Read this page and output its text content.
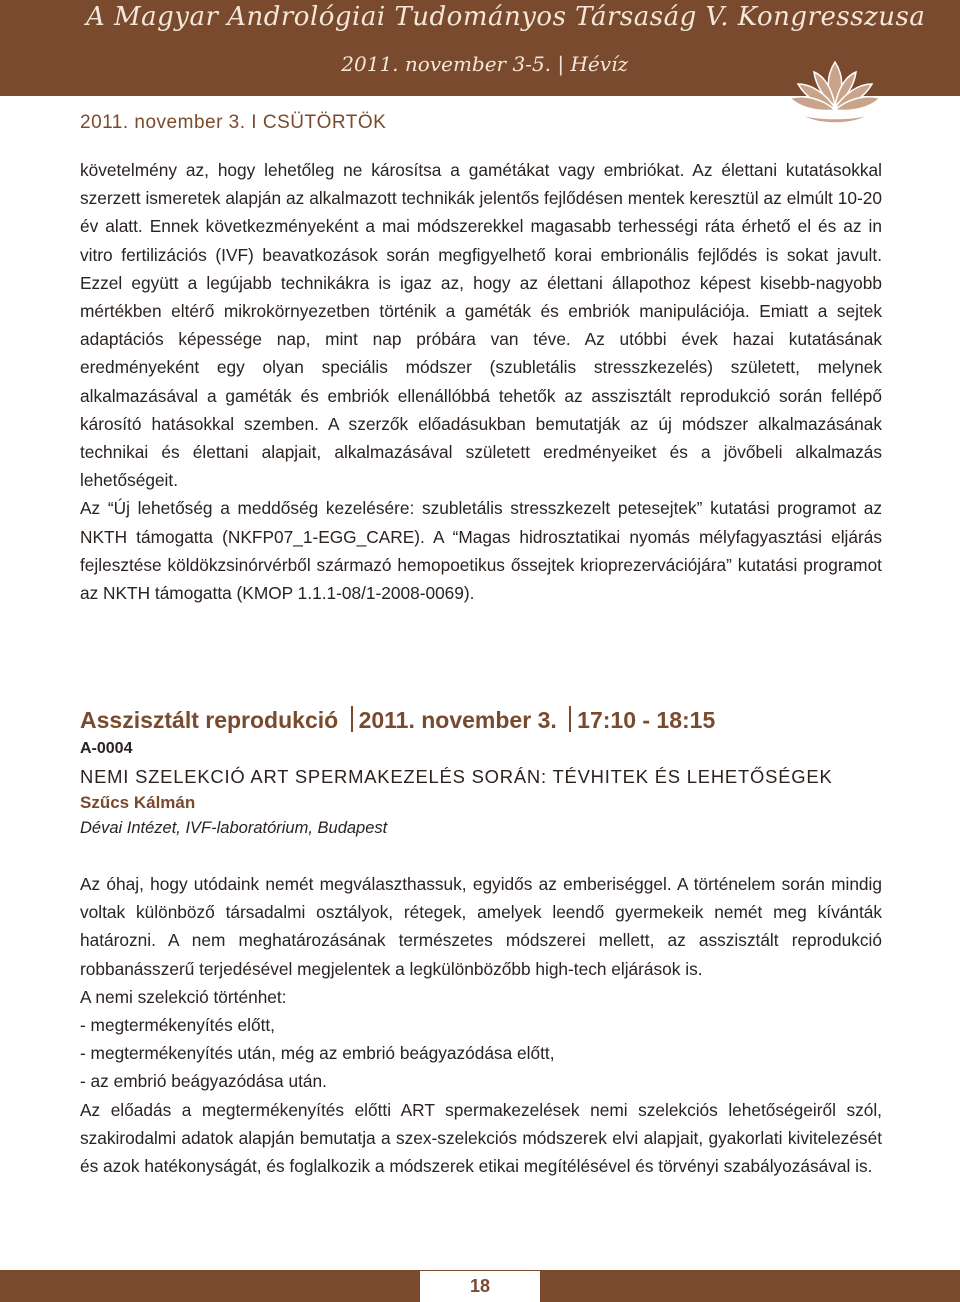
A Magyar Andrológiai Tudományos Társaság V. Kongresszusa
2011. november 3-5. | Hévíz
2011. november 3. I CSÜTÖRTÖK

követelmény az, hogy lehetőleg ne károsítsa a gamétákat vagy embriókat. Az élettani kutatásokkal szerzett ismeretek alapján az alkalmazott technikák jelentős fejlődésen mentek keresztül az elmúlt 10-20 év alatt. Ennek következményeként a mai módszerekkel magasabb terhességi ráta érhető el és az in vitro fertilizációs (IVF) beavatkozások során megfigyelhető korai embrionális fejlődés is sokat javult. Ezzel együtt a legújabb technikákra is igaz az, hogy az élettani állapothoz képest kisebb-nagyobb mértékben eltérő mikrokörnyezetben történik a gaméták és embriók manipulációja. Emiatt a sejtek adaptációs képessége nap, mint nap próbára van téve. Az utóbbi évek hazai kutatásának eredményeként egy olyan speciális módszer (szubletális stresszkezelés) született, melynek alkalmazásával a gaméták és embriók ellenállóbbá tehetők az asszisztált reprodukció során fellépő károsító hatásokkal szemben. A szerzők előadásukban bemutatják az új módszer alkalmazásának technikai és élettani alapjait, alkalmazásával született eredményeiket és a jövőbeli alkalmazás lehetőségeit.

Az “Új lehetőség a meddőség kezelésére: szubletális stresszkezelt petesejtek” kutatási programot az NKTH támogatta (NKFP07_1-EGG_CARE). A “Magas hidrosztatikai nyomás mélyfagyasztási eljárás fejlesztése köldökzsinórvérből származó hemopoetikus őssejtek krioprezervációjára” kutatási programot az NKTH támogatta (KMOP 1.1.1-08/1-2008-0069).

Asszisztált reprodukció 2011. november 3. 17:10 - 18:15
A-0004
NEMI SZELEKCIÓ ART SPERMAKEZELÉS SORÁN: TÉVHITEK ÉS LEHETŐSÉGEK
Szűcs Kálmán
Dévai Intézet, IVF-laboratórium, Budapest

Az óhaj, hogy utódaink nemét megválaszthassuk, egyidős az emberiséggel. A történelem során mindig voltak különböző társadalmi osztályok, rétegek, amelyek leendő gyermekeik nemét meg kívánták határozni. A nem meghatározásának természetes módszerei mellett, az asszisztált reprodukció robbanásszerű terjedésével megjelentek a legkülönbözőbb high-tech eljárások is.

A nemi szelekció történhet:

- megtermékenyítés előtt,

- megtermékenyítés után, még az embrió beágyazódása előtt,

- az embrió beágyazódása után.

Az előadás a megtermékenyítés előtti ART spermakezelések nemi szelekciós lehetőségeiről szól, szakirodalmi adatok alapján bemutatja a szex-szelekciós módszerek elvi alapjait, gyakorlati kivitelezését és azok hatékonyságát, és foglalkozik a módszerek etikai megítélésével és törvényi szabályozásával is.

18
